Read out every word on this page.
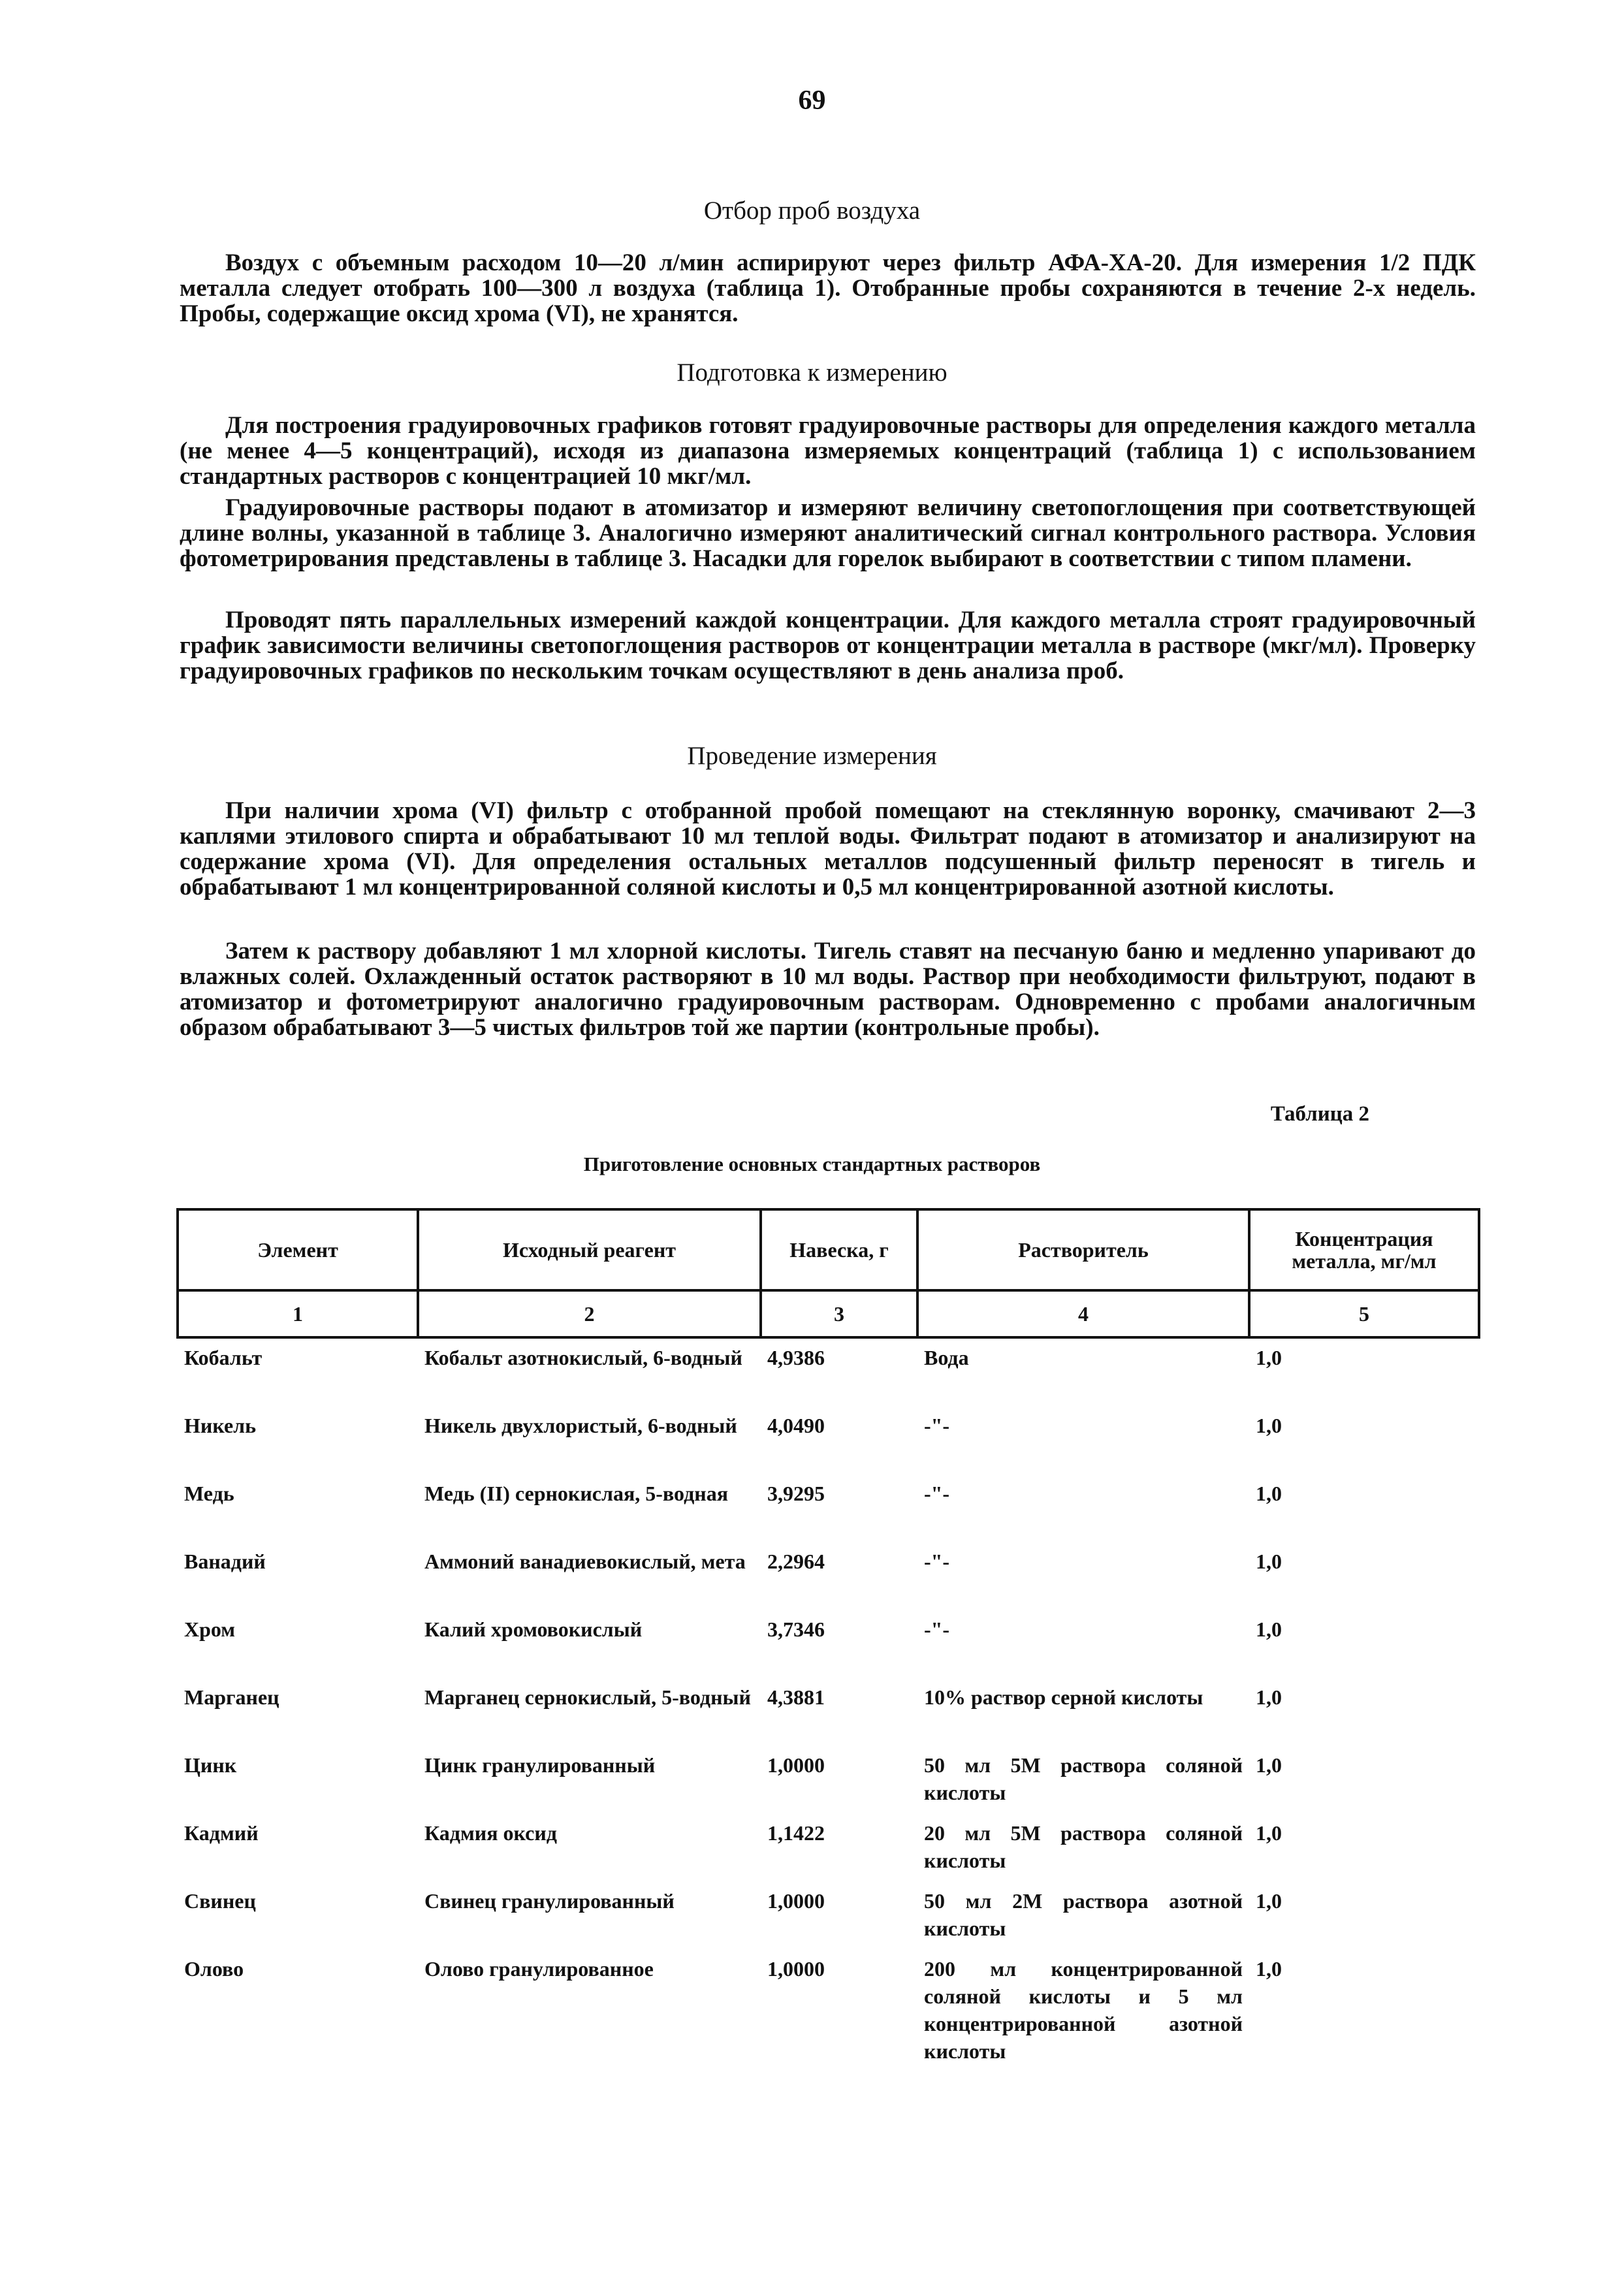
69
Отбор проб воздуха

Воздух с объемным расходом 10—20 л/мин аспирируют через фильтр АФА-ХА-20. Для измерения 1/2 ПДК металла следует отобрать 100—300 л воздуха (таблица 1). Отобранные пробы сохраняются в течение 2-х недель. Пробы, содержащие оксид хрома (VI), не хранятся.

Подготовка к измерению

Для построения градуировочных графиков готовят градуировочные растворы для определения каждого металла (не менее 4—5 концентраций), исходя из диапазона измеряемых концентраций (таблица 1) с использованием стандартных растворов с концентрацией 10 мкг/мл.

Градуировочные растворы подают в атомизатор и измеряют величину светопоглощения при соответствующей длине волны, указанной в таблице 3. Аналогично измеряют аналитический сигнал контрольного раствора. Условия фотометрирования представлены в таблице 3. Насадки для горелок выбирают в соответствии с типом пламени.

Проводят пять параллельных измерений каждой концентрации. Для каждого металла строят градуировочный график зависимости величины светопоглощения растворов от концентрации металла в растворе (мкг/мл). Проверку градуировочных графиков по нескольким точкам осуществляют в день анализа проб.

Проведение измерения

При наличии хрома (VI) фильтр с отобранной пробой помещают на стеклянную воронку, смачивают 2—3 каплями этилового спирта и обрабатывают 10 мл теплой воды. Фильтрат подают в атомизатор и анализируют на содержание хрома (VI). Для определения остальных металлов подсушенный фильтр переносят в тигель и обрабатывают 1 мл концентрированной соляной кислоты и 0,5 мл концентрированной азотной кислоты.

Затем к раствору добавляют 1 мл хлорной кислоты. Тигель ставят на песчаную баню и медленно упаривают до влажных солей. Охлажденный остаток растворяют в 10 мл воды. Раствор при необходимости фильтруют, подают в атомизатор и фотометрируют аналогично градуировочным растворам. Одновременно с пробами аналогичным образом обрабатывают 3—5 чистых фильтров той же партии (контрольные пробы).

Таблица 2
Приготовление основных стандартных растворов
Элемент	Исходный реагент	Навеска, г	Растворитель	Концентрация металла, мг/мл
1	2	3	4	5
Кобальт	Кобальт азотнокислый, 6-водный	4,9386	Вода	1,0
Никель	Никель двухлористый, 6-водный	4,0490	-"-	1,0
Медь	Медь (II) сернокислая, 5-водная	3,9295	-"-	1,0
Ванадий	Аммоний ванадиевокислый, мета	2,2964	-"-	1,0
Хром	Калий хромовокислый	3,7346	-"-	1,0
Марганец	Марганец сернокислый, 5-водный	4,3881	10% раствор серной кислоты	1,0
Цинк	Цинк гранулированный	1,0000	50 мл 5М раствора соляной кислоты	1,0
Кадмий	Кадмия оксид	1,1422	20 мл 5М раствора соляной кислоты	1,0
Свинец	Свинец гранулированный	1,0000	50 мл 2М раствора азотной кислоты	1,0
Олово	Олово гранулированное	1,0000	200 мл концентрированной соляной кислоты и 5 мл концентрированной азотной кислоты	1,0
